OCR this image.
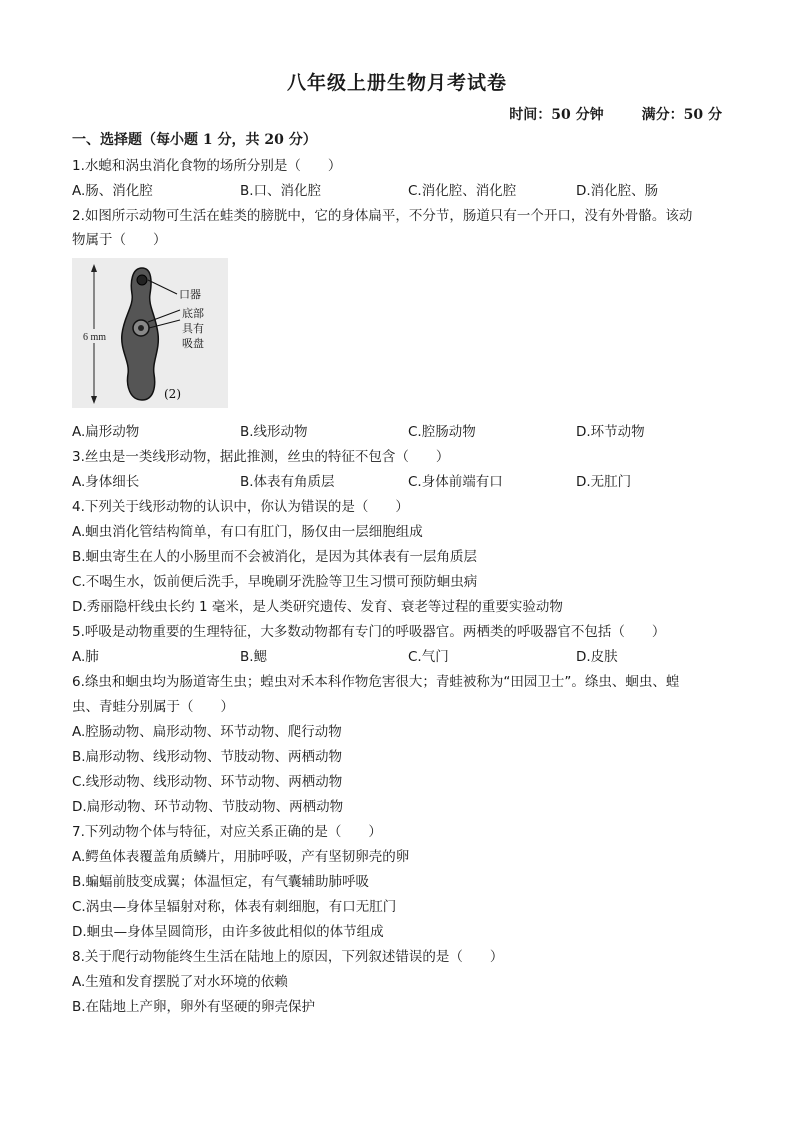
八年级上册生物月考试卷
时间：50 分钟	满分：50 分
一、选择题（每小题 1 分，共 20 分）
1.水螅和涡虫消化食物的场所分别是（　　）
A.肠、消化腔	B.口、消化腔	C.消化腔、消化腔	D.消化腔、肠
2.如图所示动物可生活在蛙类的膀胱中，它的身体扁平，不分节，肠道只有一个开口，没有外骨骼。该动
物属于（　　）
6 mm
口器
底部
具有
吸盘
(2)
A.扁形动物	B.线形动物	C.腔肠动物	D.环节动物
3.丝虫是一类线形动物，据此推测，丝虫的特征不包含（　　）
A.身体细长	B.体表有角质层	C.身体前端有口	D.无肛门
4.下列关于线形动物的认识中，你认为错误的是（　　）
A.蛔虫消化管结构简单，有口有肛门，肠仅由一层细胞组成
B.蛔虫寄生在人的小肠里而不会被消化，是因为其体表有一层角质层
C.不喝生水，饭前便后洗手，早晚刷牙洗脸等卫生习惯可预防蛔虫病
D.秀丽隐杆线虫长约 1 毫米，是人类研究遗传、发育、衰老等过程的重要实验动物
5.呼吸是动物重要的生理特征，大多数动物都有专门的呼吸器官。两栖类的呼吸器官不包括（　　）
A.肺	B.鳃	C.气门	D.皮肤
6.绦虫和蛔虫均为肠道寄生虫；蝗虫对禾本科作物危害很大；青蛙被称为“田园卫士”。绦虫、蛔虫、蝗
虫、青蛙分别属于（　　）
A.腔肠动物、扁形动物、环节动物、爬行动物
B.扁形动物、线形动物、节肢动物、两栖动物
C.线形动物、线形动物、环节动物、两栖动物
D.扁形动物、环节动物、节肢动物、两栖动物
7.下列动物个体与特征，对应关系正确的是（　　）
A.鳄鱼体表覆盖角质鳞片，用肺呼吸，产有坚韧卵壳的卵
B.蝙蝠前肢变成翼；体温恒定，有气囊辅助肺呼吸
C.涡虫—身体呈辐射对称，体表有刺细胞，有口无肛门
D.蛔虫—身体呈圆筒形，由许多彼此相似的体节组成
8.关于爬行动物能终生生活在陆地上的原因，下列叙述错误的是（　　）
A.生殖和发育摆脱了对水环境的依赖
B.在陆地上产卵，卵外有坚硬的卵壳保护
